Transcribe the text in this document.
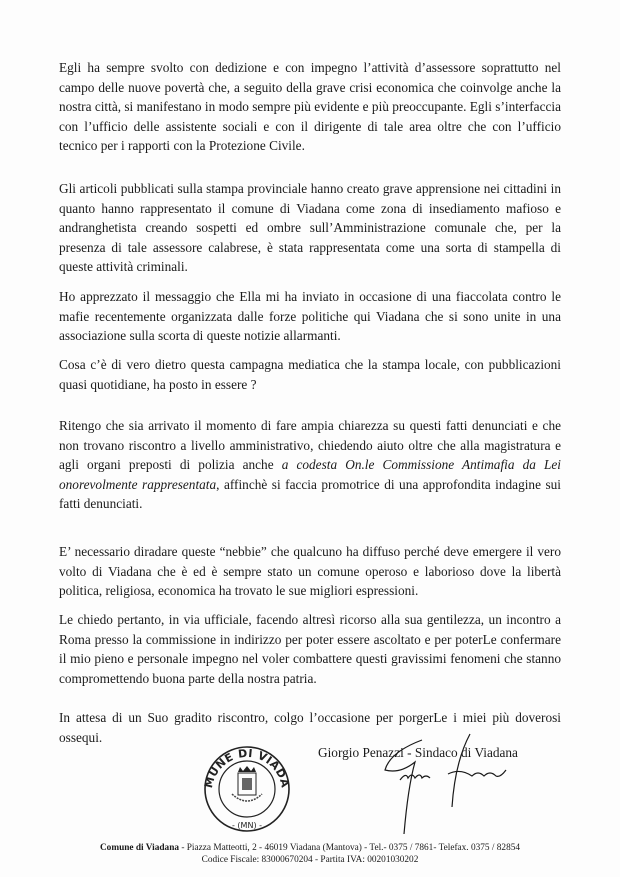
Egli ha sempre svolto con dedizione e con impegno l’attività d’assessore soprattutto nel campo delle nuove povertà che, a seguito della grave crisi economica che coinvolge anche la nostra città, si manifestano in modo sempre più evidente e più preoccupante. Egli s’interfaccia con l’ufficio delle assistente sociali e con il dirigente di tale area oltre che con l’ufficio tecnico per i rapporti con la Protezione Civile.

Gli articoli pubblicati sulla stampa provinciale hanno creato grave apprensione nei cittadini in quanto hanno rappresentato il comune di Viadana come zona di insediamento mafioso e andranghetista creando sospetti ed ombre sull’Amministrazione comunale che, per la presenza di tale assessore calabrese, è stata rappresentata come una sorta di stampella di queste attività criminali.

Ho apprezzato il messaggio che Ella mi ha inviato in occasione di una fiaccolata contro le mafie recentemente organizzata dalle forze politiche qui Viadana che si sono unite in una associazione sulla scorta di queste notizie allarmanti.

Cosa c’è di vero dietro questa campagna mediatica che la stampa locale, con pubblicazioni quasi quotidiane, ha posto in essere ?

Ritengo che sia arrivato il momento di fare ampia chiarezza su questi fatti denunciati e che non trovano riscontro a livello amministrativo, chiedendo aiuto oltre che alla magistratura e agli organi preposti di polizia anche a codesta On.le Commissione Antimafia da Lei onorevolmente rappresentata, affinchè si faccia promotrice di una approfondita indagine sui fatti denunciati.

E’ necessario diradare queste “nebbie” che qualcuno ha diffuso perché deve emergere il vero volto di Viadana che è ed è sempre stato un comune operoso e laborioso dove la libertà politica, religiosa, economica ha trovato le sue migliori espressioni.

Le chiedo pertanto, in via ufficiale, facendo altresì ricorso alla sua gentilezza, un incontro a Roma presso la commissione in indirizzo per poter essere ascoltato e per poterLe confermare il mio pieno e personale impegno nel voler combattere questi gravissimi fenomeni che stanno compromettendo buona parte della nostra patria.

In attesa di un Suo gradito riscontro, colgo l’occasione per porgerLe i miei più doverosi ossequi.

MUNE DI VIADA
- (MN) -
Giorgio Penazzi - Sindaco di Viadana
Comune di Viadana - Piazza Matteotti, 2 - 46019 Viadana (Mantova) - Tel.- 0375 / 7861- Telefax. 0375 / 82854
Codice Fiscale: 83000670204 - Partita IVA: 00201030202
